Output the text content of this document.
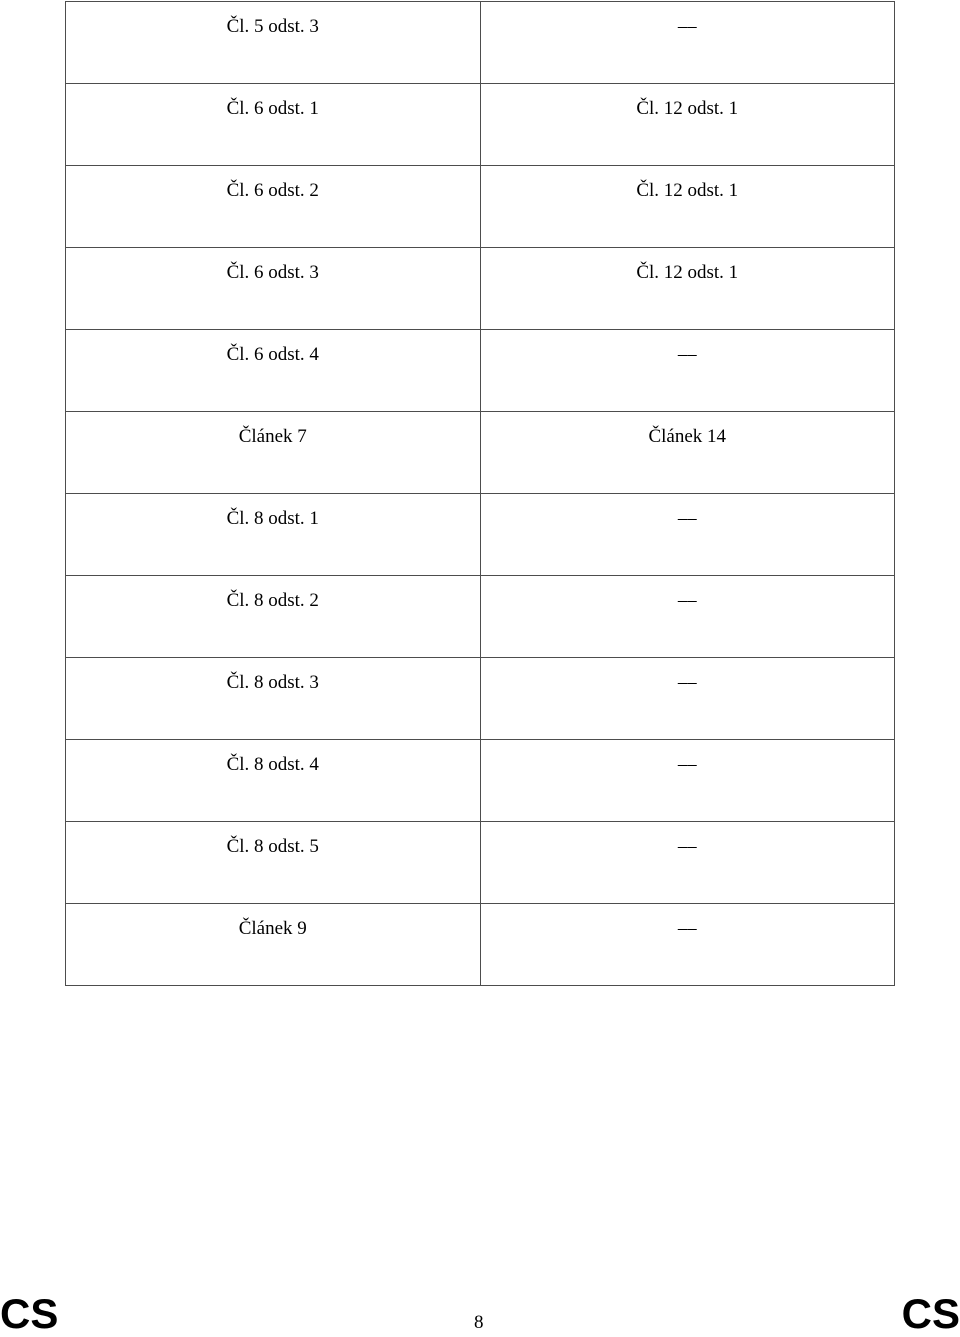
Čl. 5 odst. 3	⎯⎯
Čl. 6 odst. 1	Čl. 12 odst. 1
Čl. 6 odst. 2	Čl. 12 odst. 1
Čl. 6 odst. 3	Čl. 12 odst. 1
Čl. 6 odst. 4	⎯⎯
Článek 7	Článek 14
Čl. 8 odst. 1	⎯⎯
Čl. 8 odst. 2	⎯⎯
Čl. 8 odst. 3	⎯⎯
Čl. 8 odst. 4	⎯⎯
Čl. 8 odst. 5	⎯⎯
Článek 9	⎯⎯
CS	8	CS
